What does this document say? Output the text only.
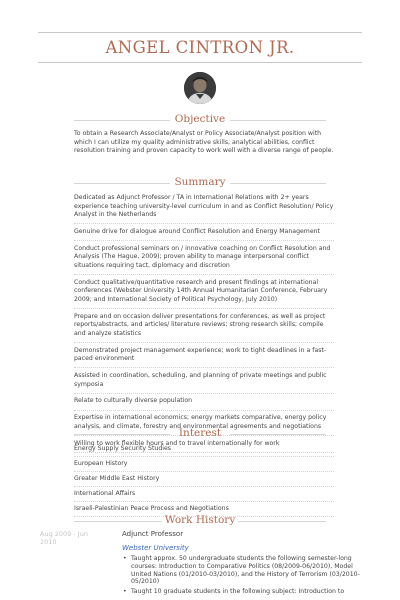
ANGEL CINTRON JR.
Objective
To obtain a Research Associate/Analyst or Policy Associate/Analyst position with which I can utilize my quality administrative skills, analytical abilities, conflict resolution training and proven capacity to work well with a diverse range of people.
Summary
Dedicated as Adjunct Professor / TA in International Relations with 2+ years experience teaching university-level curriculum in and as Conflict Resolution/ Policy Analyst in the Netherlands
Genuine drive for dialogue around Conflict Resolution and Energy Management
Conduct professional seminars on / innovative coaching on Conflict Resolution and Analysis (The Hague, 2009); proven ability to manage interpersonal conflict situations requiring tact, diplomacy and discretion
Conduct qualitative/quantitative research and present findings at international conferences (Webster University 14th Annual Humanitarian Conference, February 2009; and International Society of Political Psychology, July 2010)
Prepare and on occasion deliver presentations for conferences, as well as project reports/abstracts, and articles/ literature reviews; strong research skills; compile and analyze statistics
Demonstrated project management experience; work to tight deadlines in a fast-paced environment
Assisted in coordination, scheduling, and planning of private meetings and public symposia
Relate to culturally diverse population
Expertise in international economics; energy markets comparative, energy policy analysis, and climate, forestry and environmental agreements and negotiations
Willing to work flexible hours and to travel internationally for work
Interest
Energy Supply Security Studies
European History
Greater Middle East History
International Affairs
Israeli-Palestinian Peace Process and Negotiations
Work History
Aug 2009 - Jun 2010
Adjunct Professor
Webster University
• Taught approx. 50 undergraduate students the following semester-long courses: Introduction to Comparative Politics (08/2009-06/2010), Model United Nations (01/2010-03/2010), and the History of Terrorism (03/2010-05/2010)
• Taught 10 graduate students in the following subject: Introduction to
